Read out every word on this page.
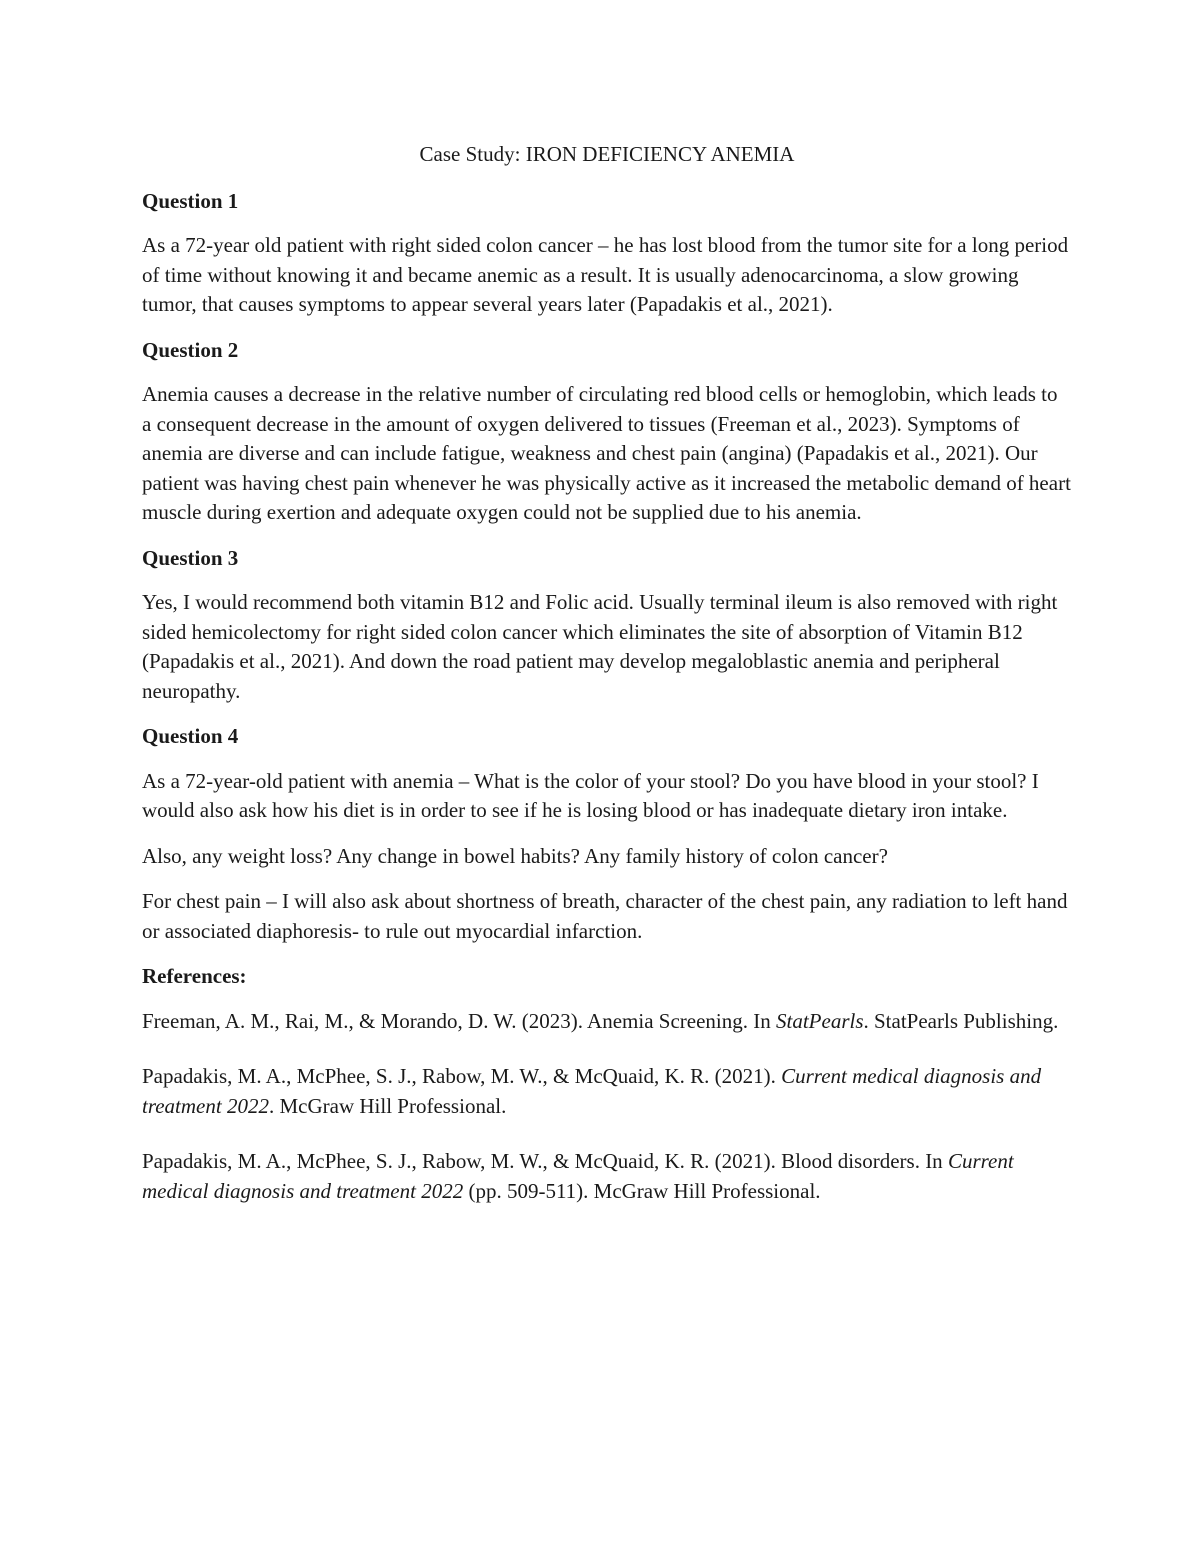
Case Study: IRON DEFICIENCY ANEMIA
Question 1

As a 72-year old patient with right sided colon cancer – he has lost blood from the tumor site for a long period of time without knowing it and became anemic as a result. It is usually adenocarcinoma, a slow growing tumor, that causes symptoms to appear several years later (Papadakis et al., 2021).

Question 2

Anemia causes a decrease in the relative number of circulating red blood cells or hemoglobin, which leads to a consequent decrease in the amount of oxygen delivered to tissues (Freeman et al., 2023). Symptoms of anemia are diverse and can include fatigue, weakness and chest pain (angina) (Papadakis et al., 2021). Our patient was having chest pain whenever he was physically active as it increased the metabolic demand of heart muscle during exertion and adequate oxygen could not be supplied due to his anemia.

Question 3

Yes, I would recommend both vitamin B12 and Folic acid. Usually terminal ileum is also removed with right sided hemicolectomy for right sided colon cancer which eliminates the site of absorption of Vitamin B12 (Papadakis et al., 2021). And down the road patient may develop megaloblastic anemia and peripheral neuropathy.

Question 4

As a 72-year-old patient with anemia – What is the color of your stool? Do you have blood in your stool? I would also ask how his diet is in order to see if he is losing blood or has inadequate dietary iron intake.

Also, any weight loss? Any change in bowel habits? Any family history of colon cancer?

For chest pain – I will also ask about shortness of breath, character of the chest pain, any radiation to left hand or associated diaphoresis- to rule out myocardial infarction.

References:

Freeman, A. M., Rai, M., & Morando, D. W. (2023). Anemia Screening. In StatPearls. StatPearls Publishing.

Papadakis, M. A., McPhee, S. J., Rabow, M. W., & McQuaid, K. R. (2021). Current medical diagnosis and treatment 2022. McGraw Hill Professional.

Papadakis, M. A., McPhee, S. J., Rabow, M. W., & McQuaid, K. R. (2021). Blood disorders. In Current medical diagnosis and treatment 2022 (pp. 509-511). McGraw Hill Professional.
